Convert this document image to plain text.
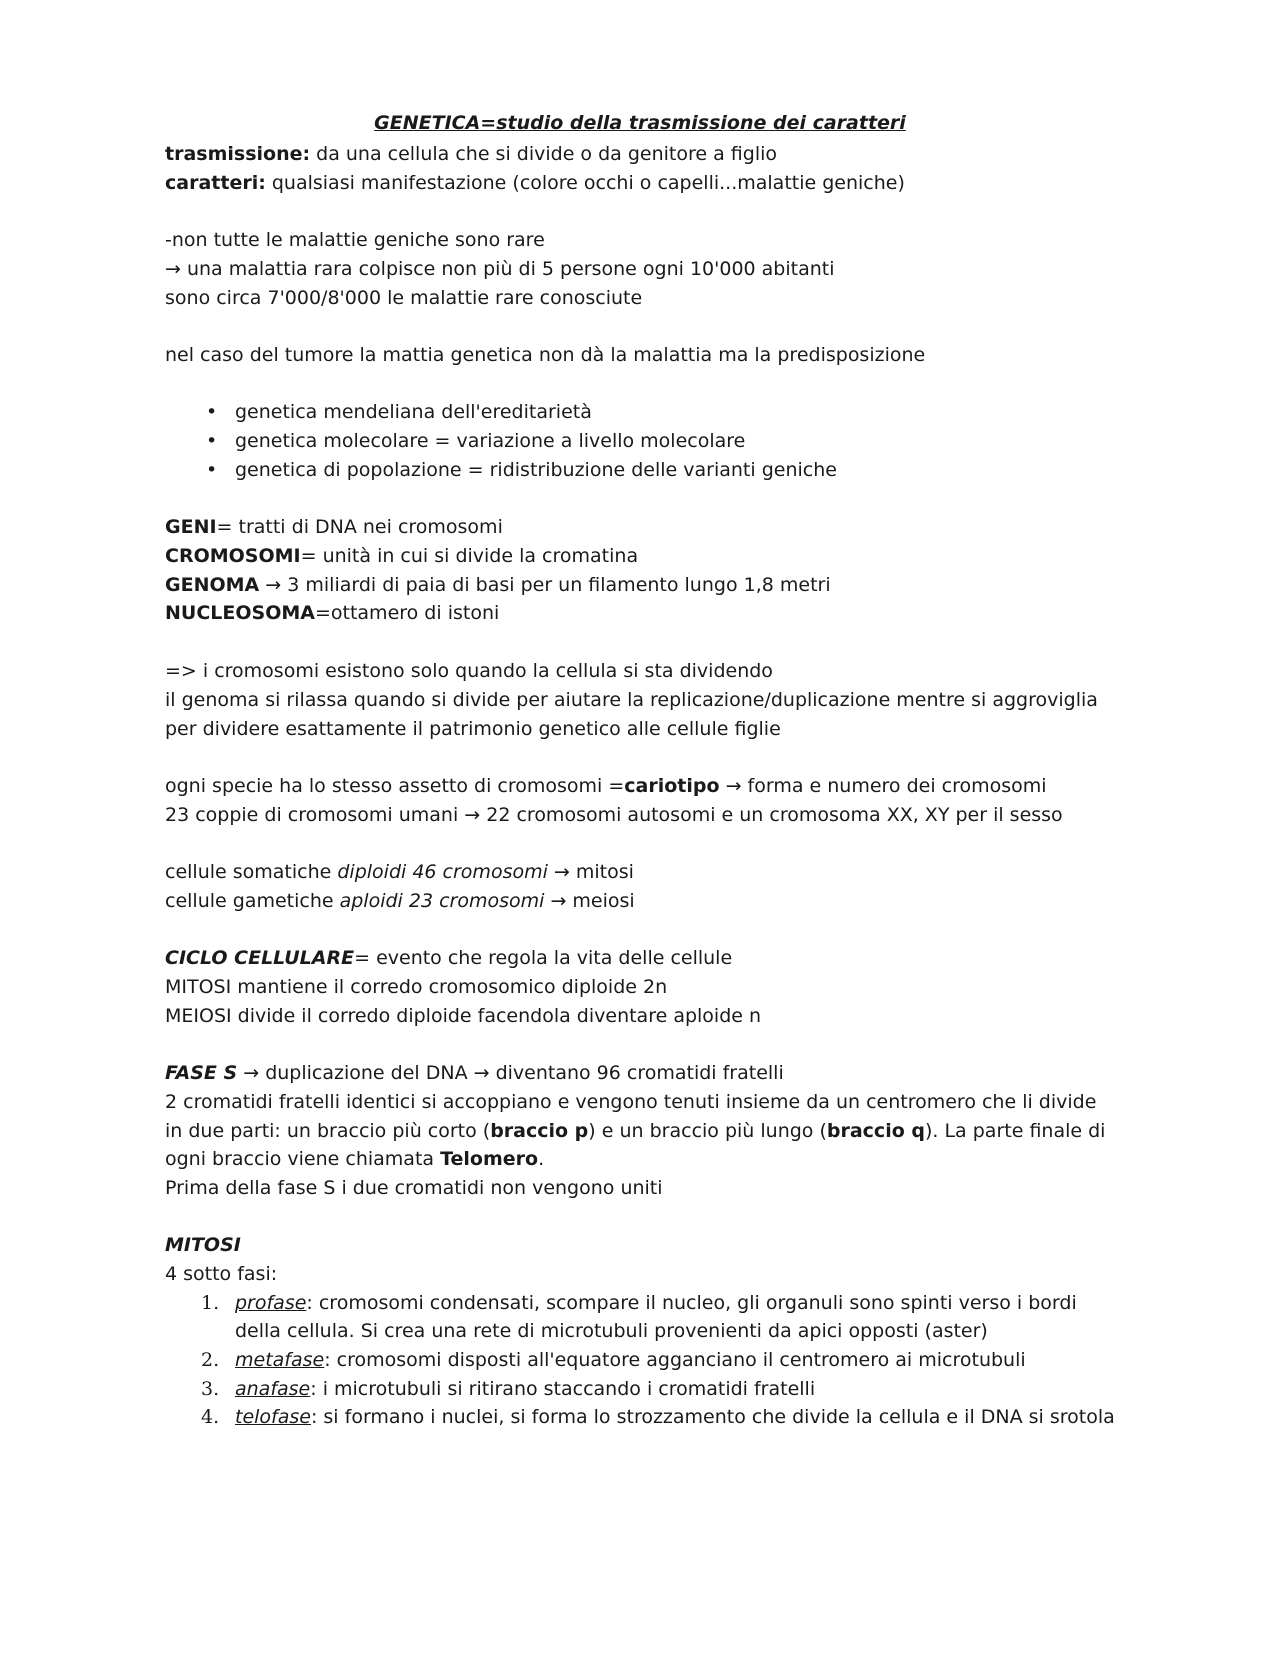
GENETICA=studio della trasmissione dei caratteri
trasmissione: da una cellula che si divide o da genitore a figlio
caratteri: qualsiasi manifestazione (colore occhi o capelli...malattie geniche)
-non tutte le malattie geniche sono rare
→ una malattia rara colpisce non più di 5 persone ogni 10'000 abitanti
sono circa 7'000/8'000 le malattie rare conosciute
nel caso del tumore la mattia genetica non dà la malattia ma la predisposizione
• genetica mendeliana dell'ereditarietà
• genetica molecolare = variazione a livello molecolare
• genetica di popolazione = ridistribuzione delle varianti geniche
GENI= tratti di DNA nei cromosomi
CROMOSOMI= unità in cui si divide la cromatina
GENOMA → 3 miliardi di paia di basi per un filamento lungo 1,8 metri
NUCLEOSOMA=ottamero di istoni
=> i cromosomi esistono solo quando la cellula si sta dividendo
il genoma si rilassa quando si divide per aiutare la replicazione/duplicazione mentre si aggroviglia
per dividere esattamente il patrimonio genetico alle cellule figlie
ogni specie ha lo stesso assetto di cromosomi =cariotipo → forma e numero dei cromosomi
23 coppie di cromosomi umani → 22 cromosomi autosomi e un cromosoma XX, XY per il sesso
cellule somatiche diploidi 46 cromosomi → mitosi
cellule gametiche aploidi 23 cromosomi → meiosi
CICLO CELLULARE= evento che regola la vita delle cellule
MITOSI mantiene il corredo cromosomico diploide 2n
MEIOSI divide il corredo diploide facendola diventare aploide n
FASE S → duplicazione del DNA → diventano 96 cromatidi fratelli
2 cromatidi fratelli identici si accoppiano e vengono tenuti insieme da un centromero che li divide
in due parti: un braccio più corto (braccio p) e un braccio più lungo (braccio q). La parte finale di
ogni braccio viene chiamata Telomero.
Prima della fase S i due cromatidi non vengono uniti
MITOSI
4 sotto fasi:
1. profase: cromosomi condensati, scompare il nucleo, gli organuli sono spinti verso i bordi
della cellula. Si crea una rete di microtubuli provenienti da apici opposti (aster)
2. metafase: cromosomi disposti all'equatore agganciano il centromero ai microtubuli
3. anafase: i microtubuli si ritirano staccando i cromatidi fratelli
4. telofase: si formano i nuclei, si forma lo strozzamento che divide la cellula e il DNA si srotola
